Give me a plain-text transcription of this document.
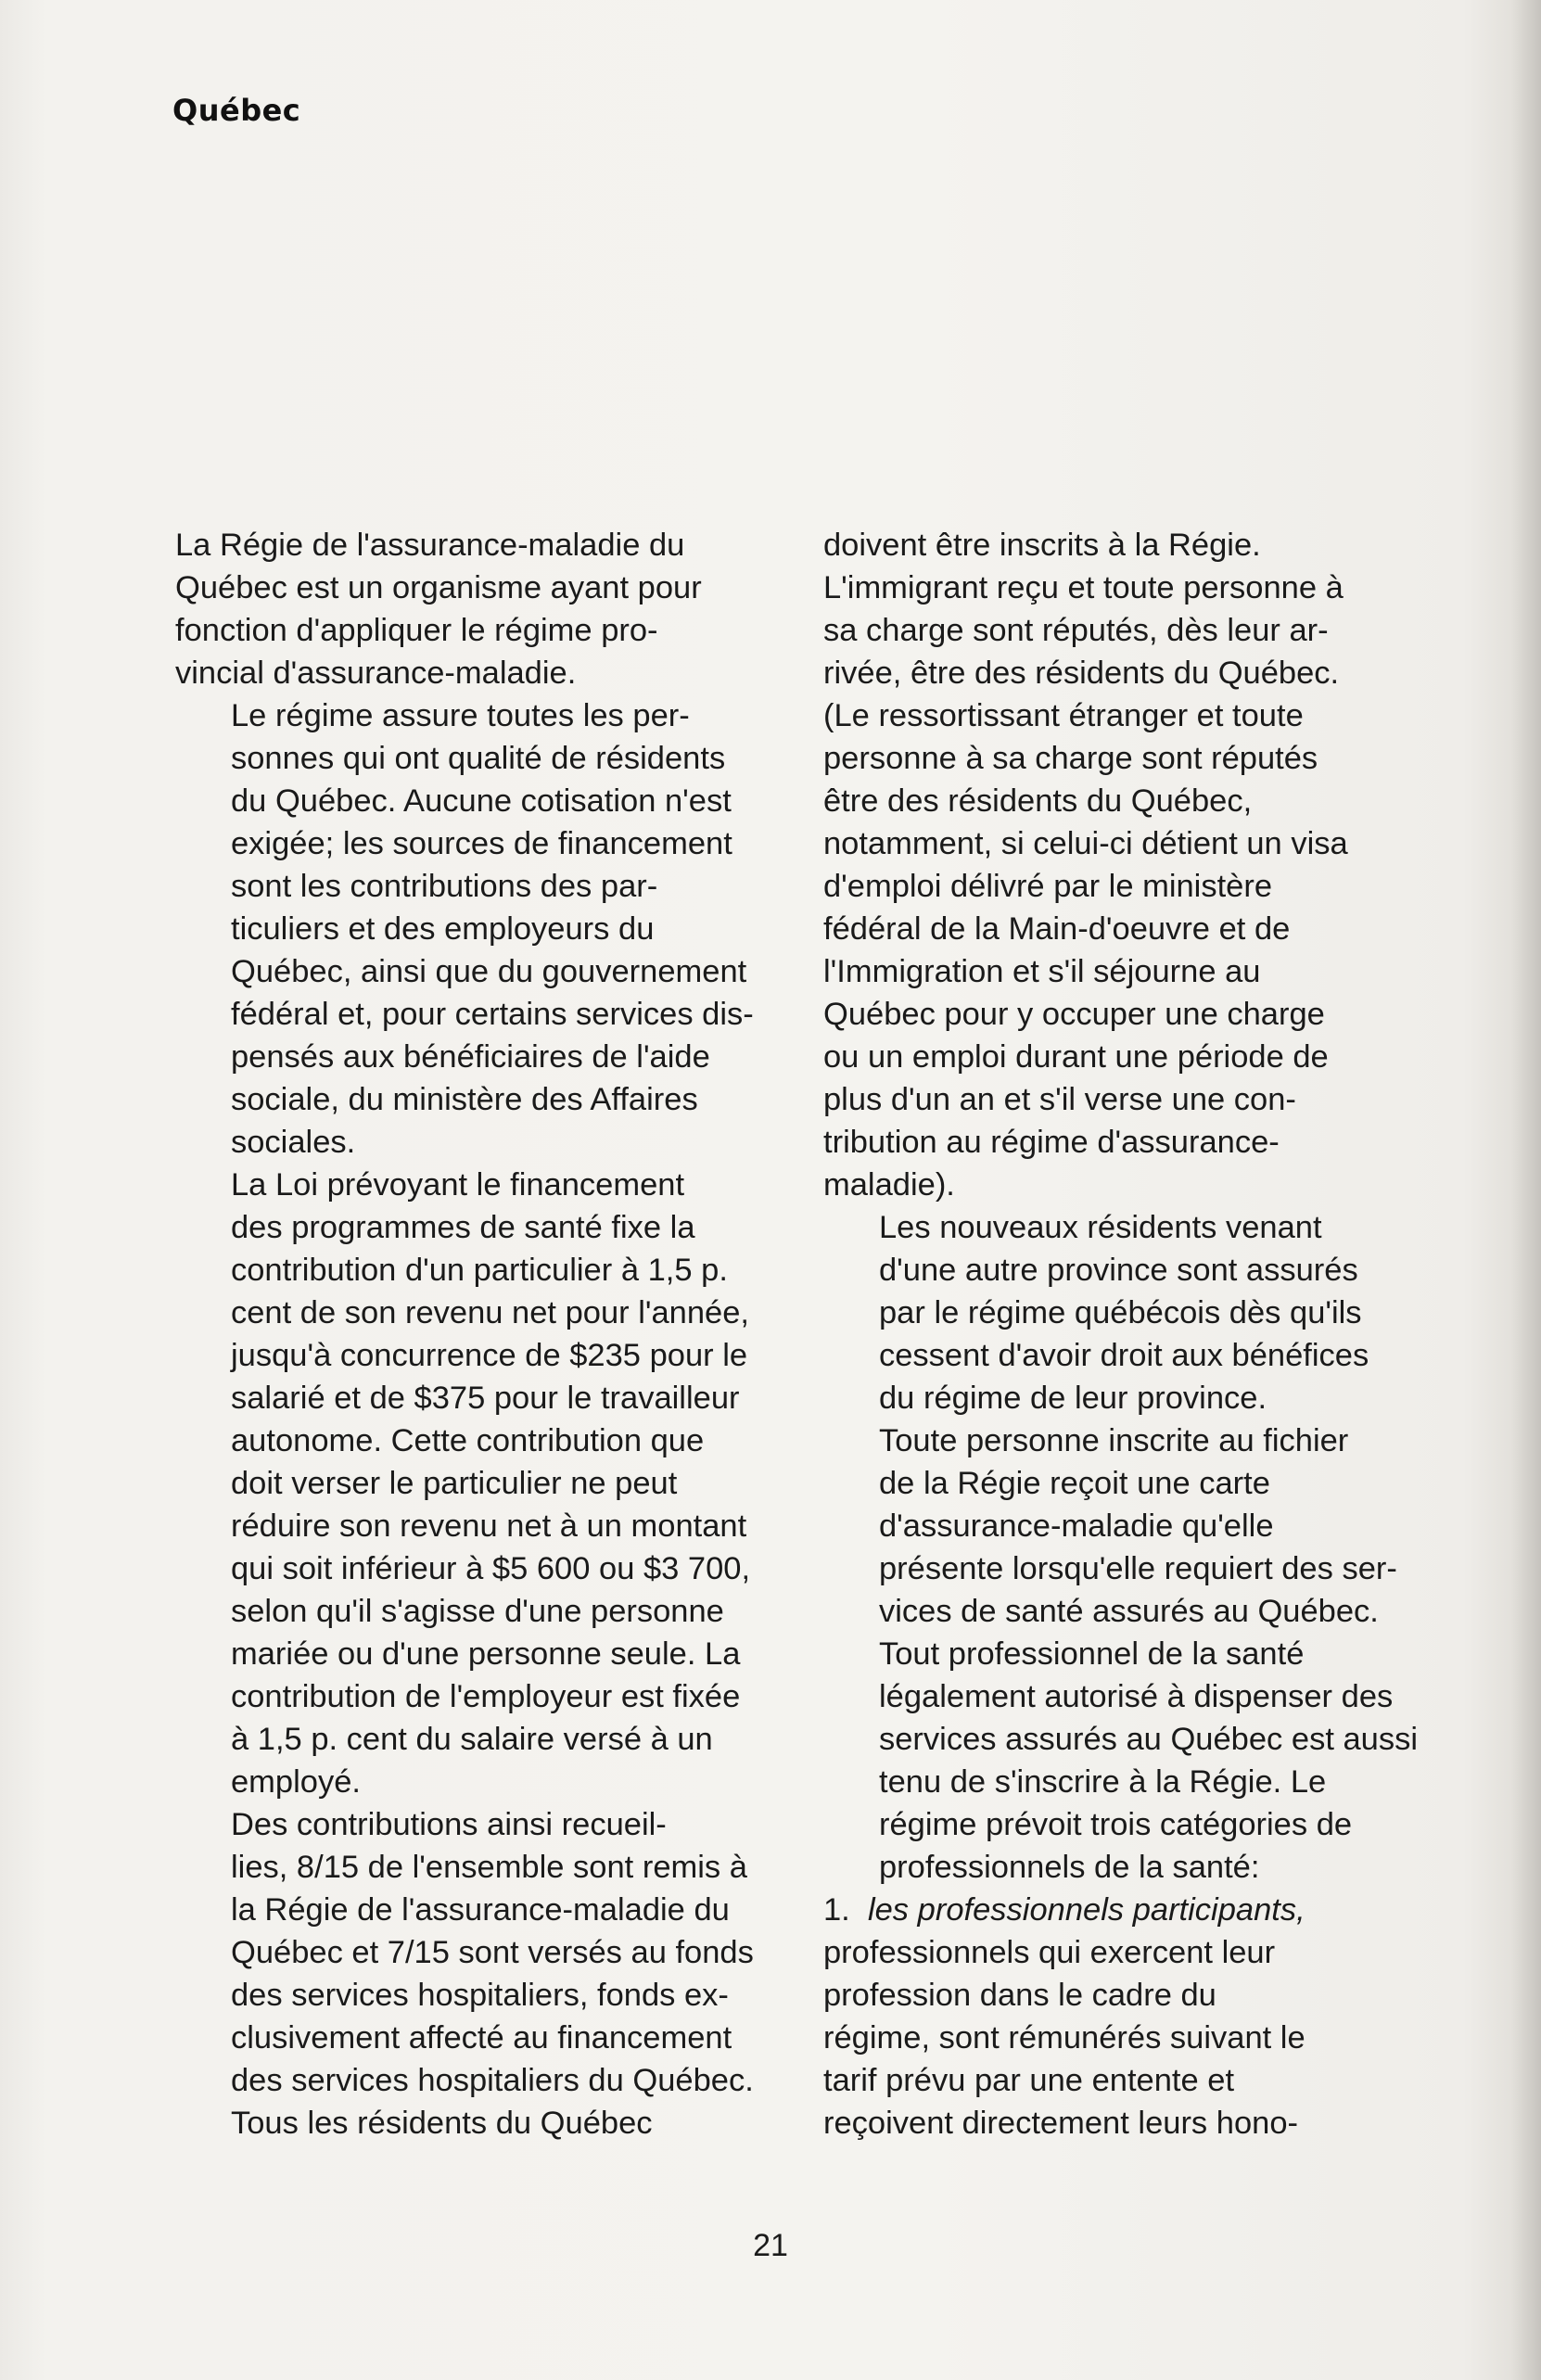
Québec

La Régie de l'assurance-maladie du
Québec est un organisme ayant pour
fonction d'appliquer le régime pro-
vincial d'assurance-maladie.

Le régime assure toutes les per-
sonnes qui ont qualité de résidents
du Québec. Aucune cotisation n'est
exigée; les sources de financement
sont les contributions des par-
ticuliers et des employeurs du
Québec, ainsi que du gouvernement
fédéral et, pour certains services dis-
pensés aux bénéficiaires de l'aide
sociale, du ministère des Affaires
sociales.

La Loi prévoyant le financement
des programmes de santé fixe la
contribution d'un particulier à 1,5 p.
cent de son revenu net pour l'année,
jusqu'à concurrence de $235 pour le
salarié et de $375 pour le travailleur
autonome. Cette contribution que
doit verser le particulier ne peut
réduire son revenu net à un montant
qui soit inférieur à $5 600 ou $3 700,
selon qu'il s'agisse d'une personne
mariée ou d'une personne seule. La
contribution de l'employeur est fixée
à 1,5 p. cent du salaire versé à un
employé.

Des contributions ainsi recueil-
lies, 8/15 de l'ensemble sont remis à
la Régie de l'assurance-maladie du
Québec et 7/15 sont versés au fonds
des services hospitaliers, fonds ex-
clusivement affecté au financement
des services hospitaliers du Québec.

Tous les résidents du Québec

doivent être inscrits à la Régie.
L'immigrant reçu et toute personne à
sa charge sont réputés, dès leur ar-
rivée, être des résidents du Québec.
(Le ressortissant étranger et toute
personne à sa charge sont réputés
être des résidents du Québec,
notamment, si celui-ci détient un visa
d'emploi délivré par le ministère
fédéral de la Main-d'oeuvre et de
l'Immigration et s'il séjourne au
Québec pour y occuper une charge
ou un emploi durant une période de
plus d'un an et s'il verse une con-
tribution au régime d'assurance-
maladie).

Les nouveaux résidents venant
d'une autre province sont assurés
par le régime québécois dès qu'ils
cessent d'avoir droit aux bénéfices
du régime de leur province.

Toute personne inscrite au fichier
de la Régie reçoit une carte
d'assurance-maladie qu'elle
présente lorsqu'elle requiert des ser-
vices de santé assurés au Québec.

Tout professionnel de la santé
légalement autorisé à dispenser des
services assurés au Québec est aussi
tenu de s'inscrire à la Régie. Le
régime prévoit trois catégories de
professionnels de la santé:

1. les professionnels participants,
professionnels qui exercent leur
profession dans le cadre du
régime, sont rémunérés suivant le
tarif prévu par une entente et
reçoivent directement leurs hono-

21
